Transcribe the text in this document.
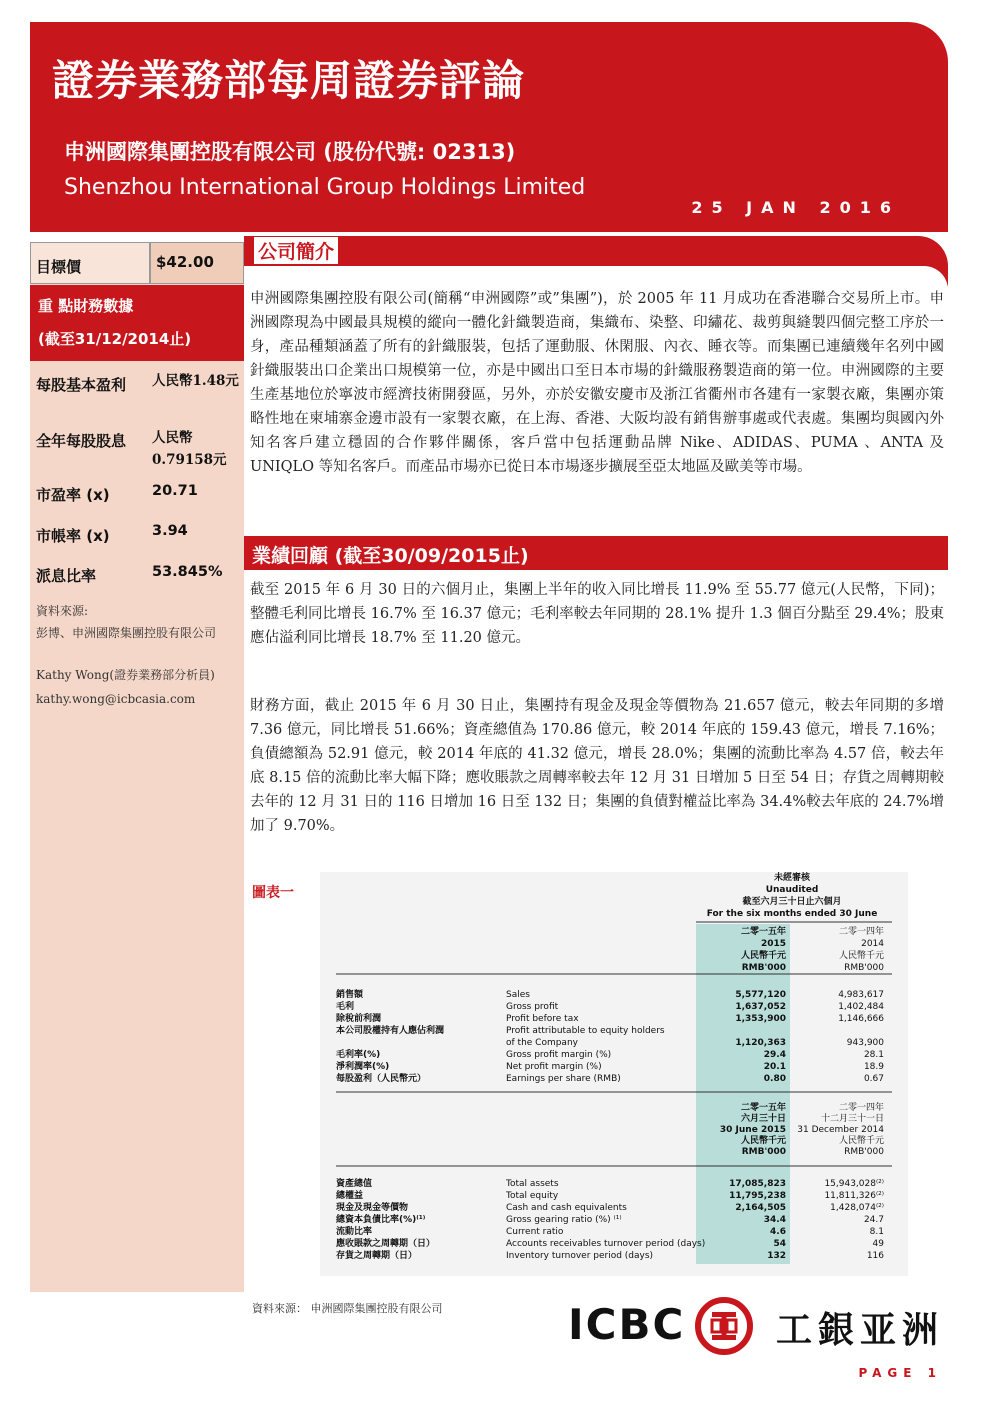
證券業務部每周證券評論
申洲國際集團控股有限公司 (股份代號: 02313)
Shenzhou International Group Holdings Limited
25 JAN 2016
目標價	$42.00
重 點財務數據
(截至31/12/2014止)
每股基本盈利 人民幣1.48元
全年每股股息 人民幣0.79158元
市盈率 (x)	20.71
市帳率 (x)	3.94
派息比率	53.845%
資料來源:
彭博、申洲國際集團控股有限公司
Kathy Wong(證券業務部分析員)
kathy.wong@icbcasia.com
公司簡介
申洲國際集團控股有限公司(簡稱“申洲國際”或”集團”)，於 2005 年 11 月成功在香港聯合交易所上市。申洲國際現為中國最具規模的縱向一體化針織製造商，集織布、染整、印繡花、裁剪與縫製四個完整工序於一身，產品種類涵蓋了所有的針織服裝，包括了運動服、休閑服、內衣、睡衣等。而集團已連續幾年名列中國針織服裝出口企業出口規模第一位，亦是中國出口至日本市場的針織服務製造商的第一位。申洲國際的主要生產基地位於寧波市經濟技術開發區，另外，亦於安徽安慶市及浙江省衢州市各建有一家製衣廠，集團亦策略性地在柬埔寨金邊市設有一家製衣廠，在上海、香港、大阪均設有銷售辦事處或代表處。集團均與國內外知名客戶建立穩固的合作夥伴關係，客戶當中包括運動品牌 Nike、ADIDAS、PUMA 、ANTA 及 UNIQLO 等知名客戶。而產品市場亦已從日本市場逐步擴展至亞太地區及歐美等市場。
業績回顧 (截至30/09/2015止)
截至 2015 年 6 月 30 日的六個月止，集團上半年的收入同比增長 11.9% 至 55.77 億元(人民幣，下同)；整體毛利同比增長 16.7% 至 16.37 億元；毛利率較去年同期的 28.1% 提升 1.3 個百分點至 29.4%；股東應佔溢利同比增長 18.7% 至 11.20 億元。
財務方面，截止 2015 年 6 月 30 日止，集團持有現金及現金等價物為 21.657 億元，較去年同期的多增 7.36 億元，同比增長 51.66%；資產總值為 170.86 億元，較 2014 年底的 159.43 億元，增長 7.16%；負債總額為 52.91 億元，較 2014 年底的 41.32 億元，增長 28.0%；集團的流動比率為 4.57 倍，較去年底 8.15 倍的流動比率大幅下降；應收賬款之周轉率較去年 12 月 31 日增加 5 日至 54 日；存貨之周轉期較去年的 12 月 31 日的 116 日增加 16 日至 132 日；集團的負債對權益比率為 34.4%較去年底的 24.7%增加了 9.70%。
圖表一
未經審核
Unaudited
截至六月三十日止六個月
For the six months ended 30 June
二零一五年
2015
人民幣千元
RMB'000
二零一四年
2014
人民幣千元
RMB'000
銷售額	Sales	5,577,120	4,983,617
毛利	Gross profit	1,637,052	1,402,484
除稅前利潤	Profit before tax	1,353,900	1,146,666
本公司股權持有人應佔利潤	Profit attributable to equity holders
of the Company	1,120,363	943,900
毛利率(%)	Gross profit margin (%)	29.4	28.1
淨利潤率(%)	Net profit margin (%)	20.1	18.9
每股盈利（人民幣元）	Earnings per share (RMB)	0.80	0.67
二零一五年
六月三十日
30 June 2015
人民幣千元
RMB'000
二零一四年
十二月三十一日
31 December 2014
人民幣千元
RMB'000
資產總值	Total assets	17,085,823	15,943,028⁽²⁾
總權益	Total equity	11,795,238	11,811,326⁽²⁾
現金及現金等價物	Cash and cash equivalents	2,164,505	1,428,074⁽²⁾
總資本負債比率(%)⁽¹⁾	Gross gearing ratio (%) ⁽¹⁾	34.4	24.7
流動比率	Current ratio	4.6	8.1
應收賬款之周轉期（日）	Accounts receivables turnover period (days)	54	49
存貨之周轉期（日）	Inventory turnover period (days)	132	116
資料來源： 申洲國際集團控股有限公司	ICBC	工銀亚洲
PAGE 1
